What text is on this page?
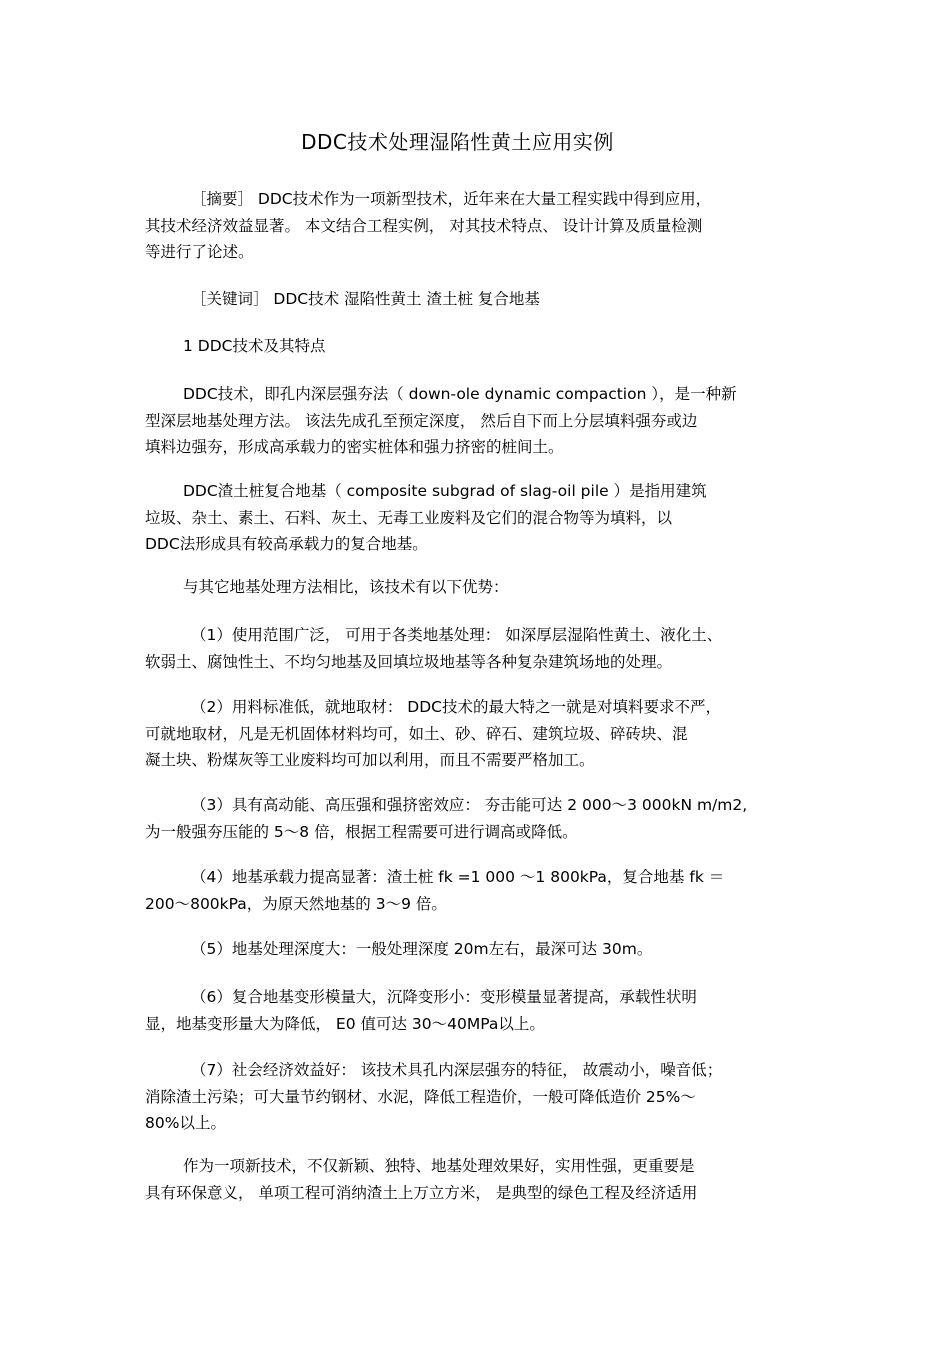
DDC技术处理湿陷性黄土应用实例
［摘要］ DDC技术作为一项新型技术，近年来在大量工程实践中得到应用，
其技术经济效益显著。 本文结合工程实例， 对其技术特点、 设计计算及质量检测
等进行了论述。
［关键词］ DDC技术 湿陷性黄土 渣土桩 复合地基
1 DDC技术及其特点
DDC技术，即孔内深层强夯法（ down-ole dynamic compaction ），是一种新
型深层地基处理方法。 该法先成孔至预定深度， 然后自下而上分层填料强夯或边
填料边强夯，形成高承载力的密实桩体和强力挤密的桩间土。
DDC渣土桩复合地基（ composite subgrad of slag-oil pile ）是指用建筑
垃圾、杂土、素土、石料、灰土、无毒工业废料及它们的混合物等为填料，以
DDC法形成具有较高承载力的复合地基。
与其它地基处理方法相比，该技术有以下优势：
（1）使用范围广泛， 可用于各类地基处理： 如深厚层湿陷性黄土、液化土、
软弱土、腐蚀性土、不均匀地基及回填垃圾地基等各种复杂建筑场地的处理。
（2）用料标准低，就地取材： DDC技术的最大特之一就是对填料要求不严，
可就地取材，凡是无机固体材料均可，如土、砂、碎石、建筑垃圾、碎砖块、混
凝土块、粉煤灰等工业废料均可加以利用，而且不需要严格加工。
（3）具有高动能、高压强和强挤密效应： 夯击能可达 2 000～3 000kN m/m2,
为一般强夯压能的 5～8 倍，根据工程需要可进行调高或降低。
（4）地基承载力提高显著：渣土桩 fk =1 000 ～1 800kPa，复合地基 fk ＝
200～800kPa，为原天然地基的 3～9 倍。
（5）地基处理深度大：一般处理深度 20m左右，最深可达 30m。
（6）复合地基变形模量大，沉降变形小：变形模量显著提高，承载性状明
显，地基变形量大为降低， E0 值可达 30～40MPa以上。
（7）社会经济效益好： 该技术具孔内深层强夯的特征， 故震动小，噪音低；
消除渣土污染；可大量节约钢材、水泥，降低工程造价，一般可降低造价 25%～
80%以上。
作为一项新技术，不仅新颖、独特、地基处理效果好，实用性强，更重要是
具有环保意义， 单项工程可消纳渣土上万立方米， 是典型的绿色工程及经济适用
